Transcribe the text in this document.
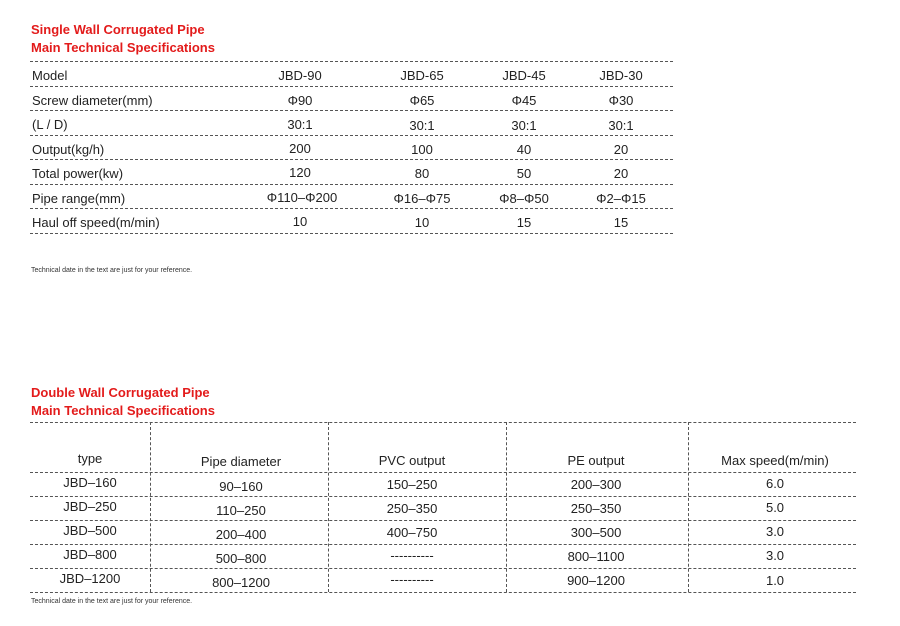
Single Wall Corrugated Pipe
Main Technical Specifications
Model	JBD-90	JBD-65	JBD-45	JBD-30
Screw diameter(mm)	Φ90	Φ65	Φ45	Φ30
(L / D)	30:1	30:1	30:1	30:1
Output(kg/h)	200	100	40	20
Total power(kw)	120	80	50	20
Pipe range(mm)	Φ110–Φ200	Φ16–Φ75	Φ8–Φ50	Φ2–Φ15
Haul off speed(m/min)	10	10	15	15
Technical date in the text are just for your reference.
Double Wall Corrugated Pipe
Main Technical Specifications
type	Pipe diameter	PVC output	PE output	Max speed(m/min)
JBD–160	90–160	150–250	200–300	6.0
JBD–250	110–250	250–350	250–350	5.0
JBD–500	200–400	400–750	300–500	3.0
JBD–800	500–800	----------	800–1100	3.0
JBD–1200	800–1200	----------	900–1200	1.0
Technical date in the text are just for your reference.
